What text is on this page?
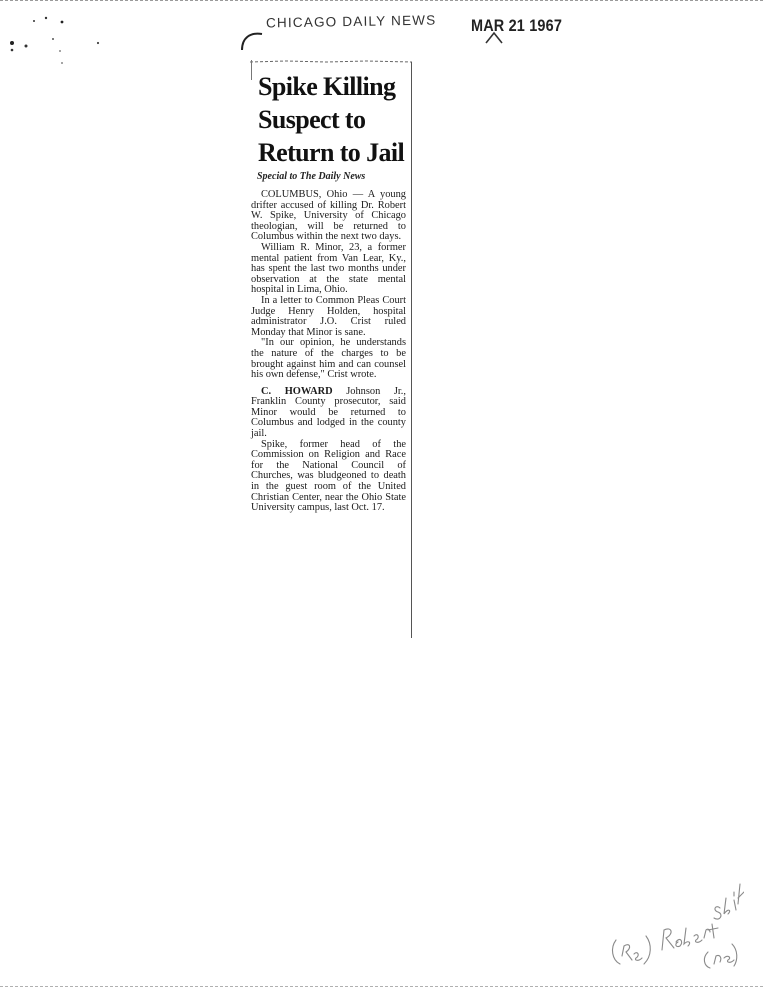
CHICAGO DAILY NEWS MAR 21 1967
Spike Killing Suspect to Return to Jail
Special to The Daily News

COLUMBUS, Ohio — A young drifter accused of killing Dr. Robert W. Spike, University of Chicago theologian, will be returned to Columbus within the next two days.

William R. Minor, 23, a former mental patient from Van Lear, Ky., has spent the last two months under observation at the state mental hospital in Lima, Ohio.

In a letter to Common Pleas Court Judge Henry Holden, hospital administrator J.O. Crist ruled Monday that Minor is sane.

"In our opinion, he understands the nature of the charges to be brought against him and can counsel his own defense," Crist wrote.

C. HOWARD Johnson Jr., Franklin County prosecutor, said Minor would be returned to Columbus and lodged in the county jail.

Spike, former head of the Commission on Religion and Race for the National Council of Churches, was bludgeoned to death in the guest room of the United Christian Center, near the Ohio State University campus, last Oct. 17.
